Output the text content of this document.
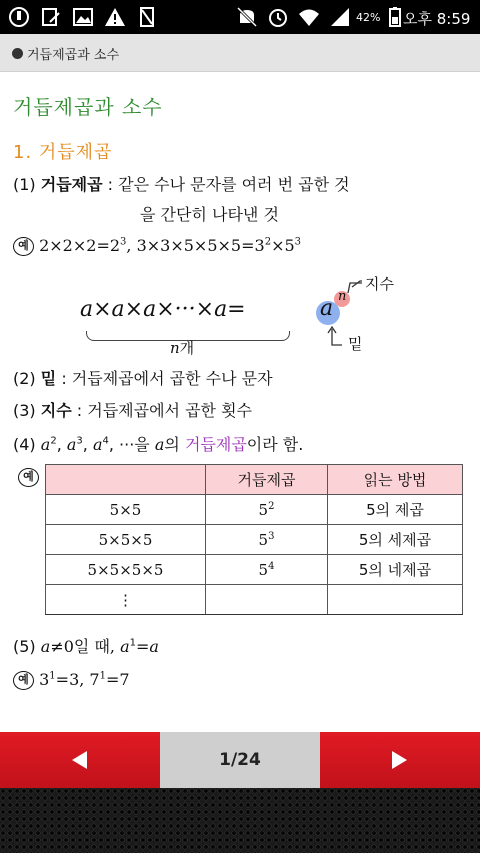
42% 오후 8:59
거듭제곱과 소수
거듭제곱과 소수
1. 거듭제곱
(1) 거듭제곱 : 같은 수나 문자를 여러 번 곱한 것
을 간단히 나타낸 것
예 $2\times 2\times 2=2^3$, $3\times 3\times 5\times 5\times 5=3^2\times 5^3$
a×a×a×···×a=
n개
a n
지수
밑
(2) 밑 : 거듭제곱에서 곱한 수나 문자
(3) 지수 : 거듭제곱에서 곱한 횟수
(4) $a^2$, $a^3$, $a^4$, ···을 a의 거듭제곱이라 함.
예
		거듭제곱	읽는 방법
5×5	$5^2$	5의 제곱
5×5×5	$5^3$	5의 세제곱
5×5×5×5	$5^4$	5의 네제곱
⋮		
(5) a≠0일 때, $a^1=a$
예 $3^1=3$, $7^1=7$
1/24
